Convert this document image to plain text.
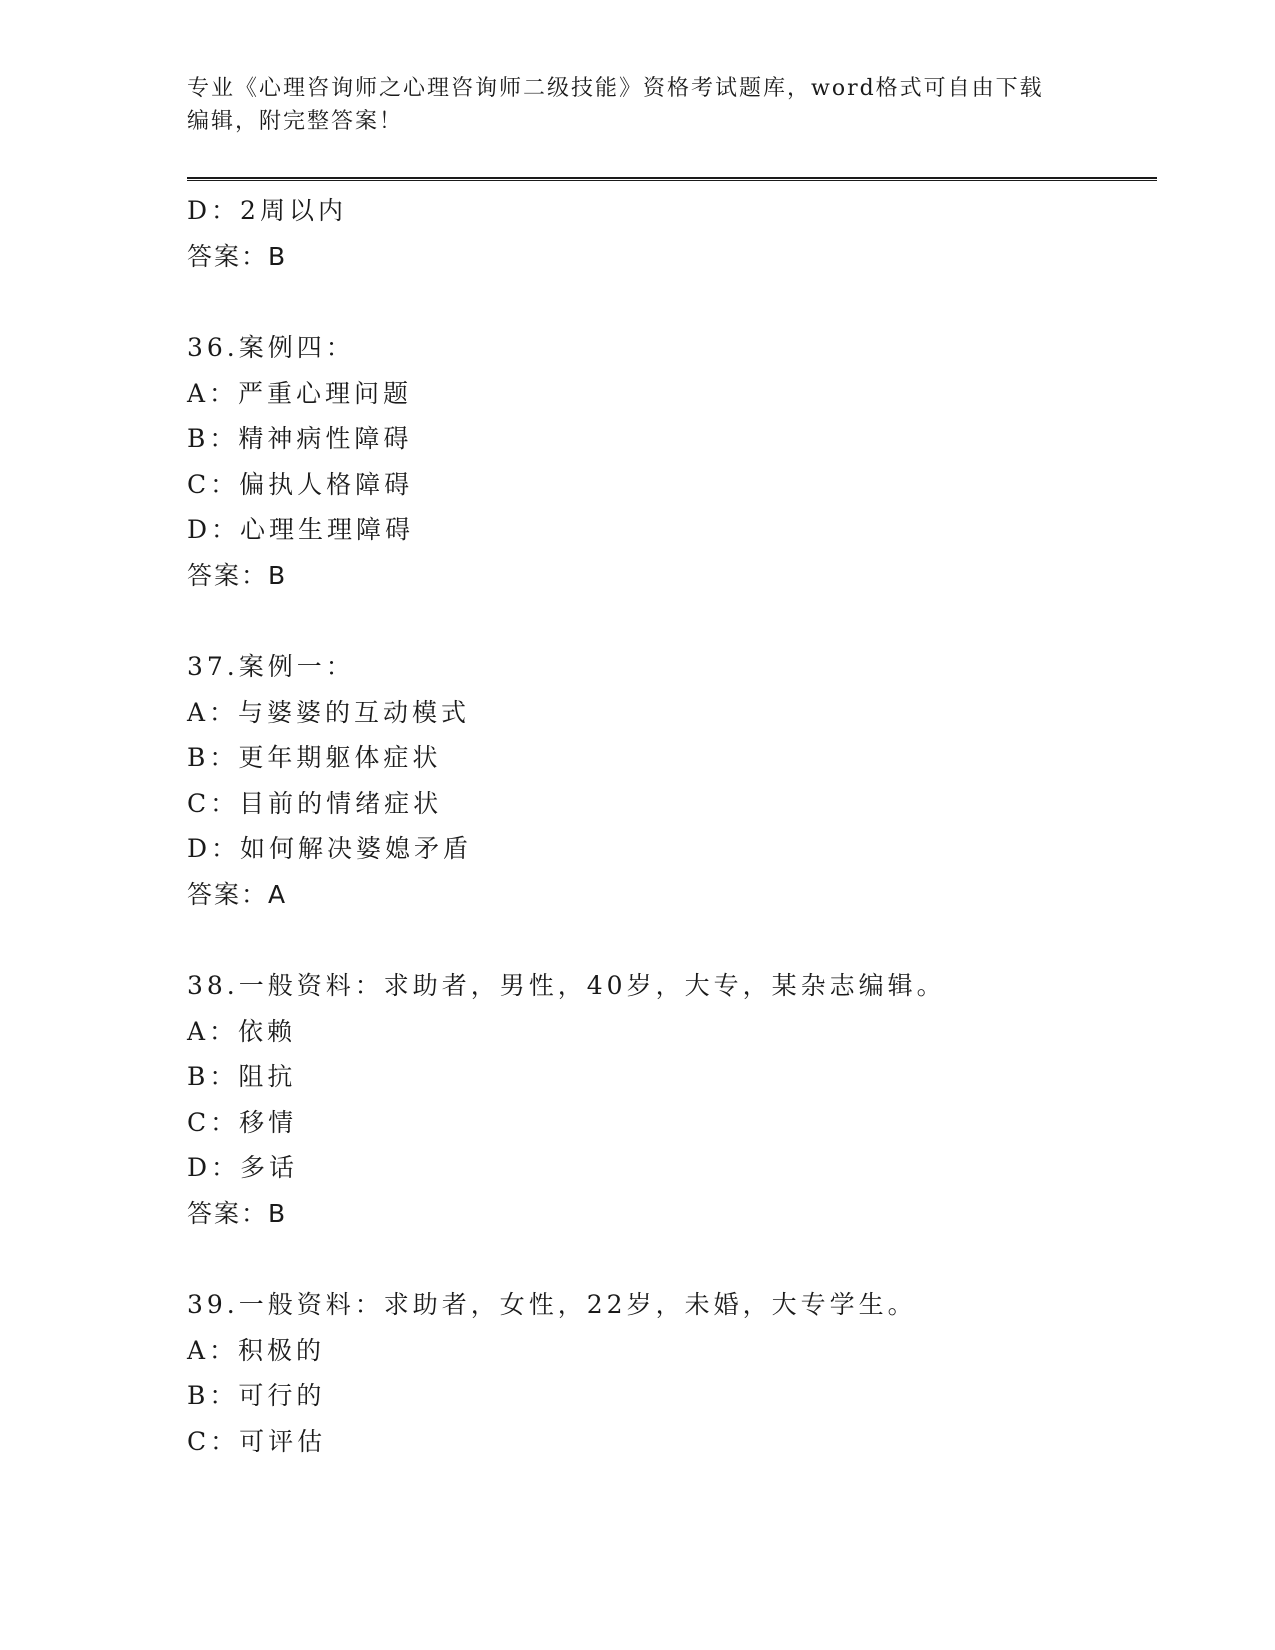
专业《心理咨询师之心理咨询师二级技能》资格考试题库，word格式可自由下载
编辑，附完整答案！
D：2周以内
答案：B
36.案例四：
A：严重心理问题
B：精神病性障碍
C：偏执人格障碍
D：心理生理障碍
答案：B
37.案例一：
A：与婆婆的互动模式
B：更年期躯体症状
C：目前的情绪症状
D：如何解决婆媳矛盾
答案：A
38.一般资料：求助者，男性，40岁，大专，某杂志编辑。
A：依赖
B：阻抗
C：移情
D：多话
答案：B
39.一般资料：求助者，女性，22岁，未婚，大专学生。
A：积极的
B：可行的
C：可评估
